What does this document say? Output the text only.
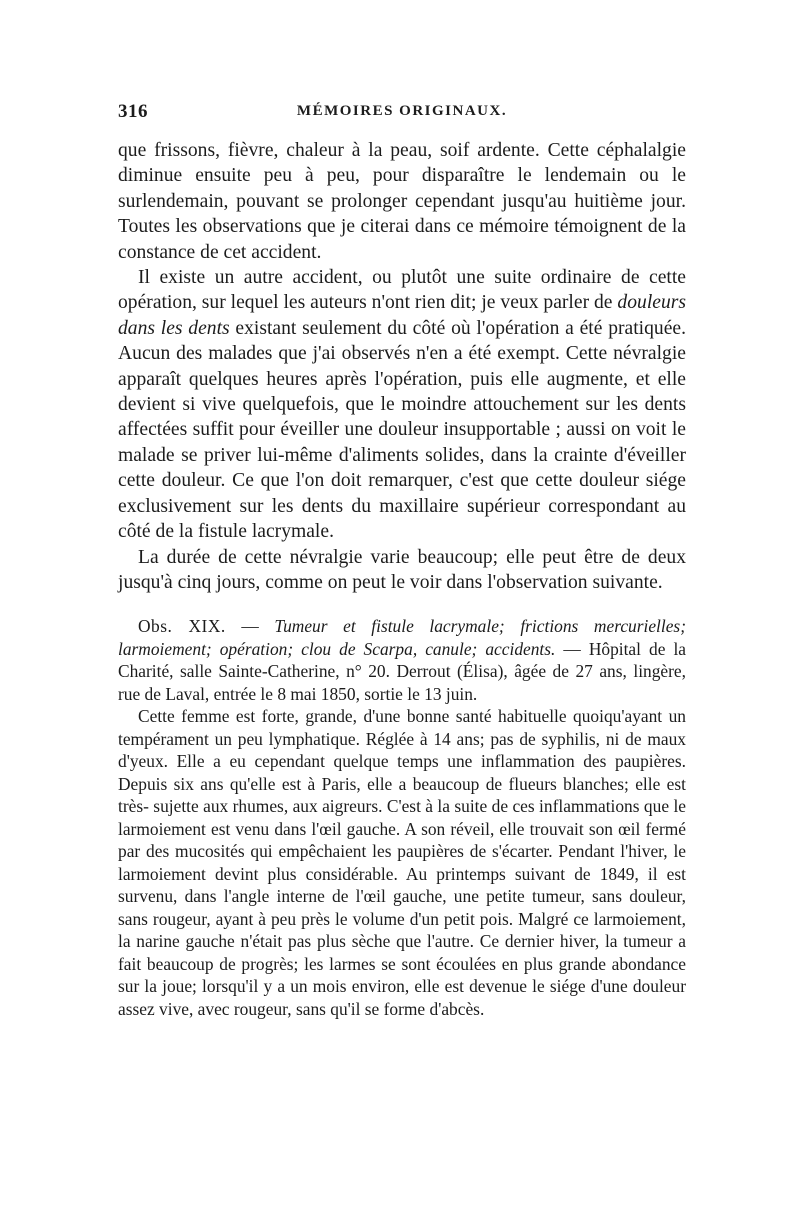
316	MÉMOIRES ORIGINAUX.

que frissons, fièvre, chaleur à la peau, soif ardente. Cette céphalalgie diminue ensuite peu à peu, pour disparaître le lendemain ou le surlendemain, pouvant se prolonger cependant jusqu'au huitième jour. Toutes les observations que je citerai dans ce mémoire témoignent de la constance de cet accident.

Il existe un autre accident, ou plutôt une suite ordinaire de cette opération, sur lequel les auteurs n'ont rien dit; je veux parler de douleurs dans les dents existant seulement du côté où l'opération a été pratiquée. Aucun des malades que j'ai observés n'en a été exempt. Cette névralgie apparaît quelques heures après l'opération, puis elle augmente, et elle devient si vive quelquefois, que le moindre attouchement sur les dents affectées suffit pour éveiller une douleur insupportable ; aussi on voit le malade se priver lui-même d'aliments solides, dans la crainte d'éveiller cette douleur. Ce que l'on doit remarquer, c'est que cette douleur siége exclusivement sur les dents du maxillaire supérieur correspondant au côté de la fistule lacrymale.

La durée de cette névralgie varie beaucoup; elle peut être de deux jusqu'à cinq jours, comme on peut le voir dans l'observation suivante.

Obs. XIX. — Tumeur et fistule lacrymale; frictions mercurielles; larmoiement; opération; clou de Scarpa, canule; accidents. — Hôpital de la Charité, salle Sainte-Catherine, n° 20. Derrout (Élisa), âgée de 27 ans, lingère, rue de Laval, entrée le 8 mai 1850, sortie le 13 juin.

Cette femme est forte, grande, d'une bonne santé habituelle quoiqu'ayant un tempérament un peu lymphatique. Réglée à 14 ans; pas de syphilis, ni de maux d'yeux. Elle a eu cependant quelque temps une inflammation des paupières. Depuis six ans qu'elle est à Paris, elle a beaucoup de flueurs blanches; elle est très- sujette aux rhumes, aux aigreurs. C'est à la suite de ces inflammations que le larmoiement est venu dans l'œil gauche. A son réveil, elle trouvait son œil fermé par des mucosités qui empêchaient les paupières de s'écarter. Pendant l'hiver, le larmoiement devint plus considérable. Au printemps suivant de 1849, il est survenu, dans l'angle interne de l'œil gauche, une petite tumeur, sans douleur, sans rougeur, ayant à peu près le volume d'un petit pois. Malgré ce larmoiement, la narine gauche n'était pas plus sèche que l'autre. Ce dernier hiver, la tumeur a fait beaucoup de progrès; les larmes se sont écoulées en plus grande abondance sur la joue; lorsqu'il y a un mois environ, elle est devenue le siége d'une douleur assez vive, avec rougeur, sans qu'il se forme d'abcès.
